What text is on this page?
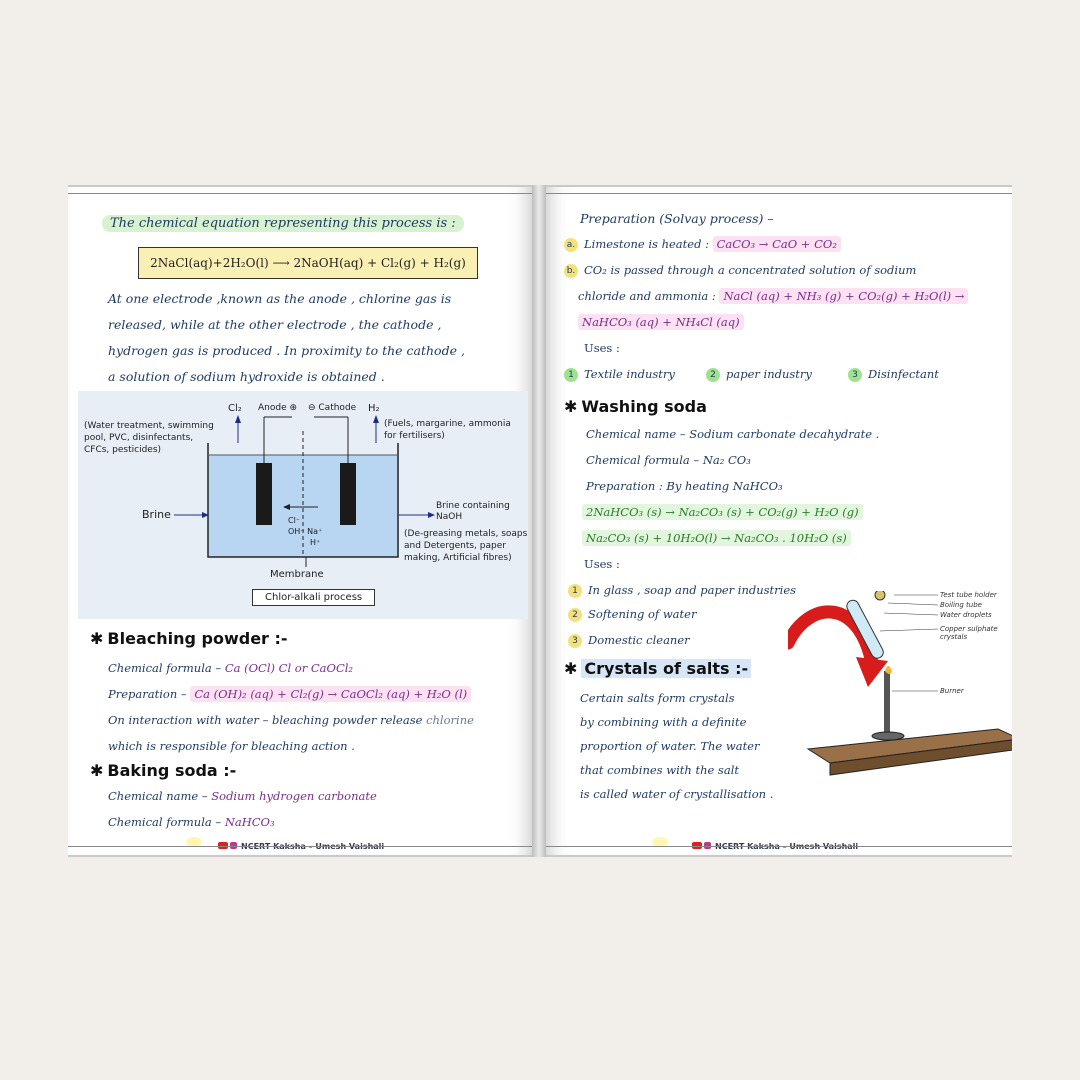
The chemical equation representing this process is :
2NaCl(aq)+2H₂O(l) ⟶ 2NaOH(aq) + Cl₂(g) + H₂(g)
At one electrode ,known as the anode , chlorine gas is
released, while at the other electrode , the cathode ,
hydrogen gas is produced . In proximity to the cathode ,
a solution of sodium hydroxide is obtained .
Cl₂	H₂
Anode ⊕ ⊖ Cathode
(Water treatment, swimming
pool, PVC, disinfectants,
CFCs, pesticides)
(Fuels, margarine, ammonia
for fertilisers)
Brine
Brine containing
NaOH
(De-greasing metals, soaps
and Detergents, paper
making, Artificial fibres)
Cl⁻
OH⁻ Na⁺
H⁺
Membrane
Chlor-alkali process
✱ Bleaching powder :-
Chemical formula – Ca (OCl) Cl or CaOCl₂
Preparation – Ca (OH)₂ (aq) + Cl₂(g) → CaOCl₂ (aq) + H₂O (l)
On interaction with water – bleaching powder release chlorine
which is responsible for bleaching action .
✱ Baking soda :-
Chemical name – Sodium hydrogen carbonate
Chemical formula – NaHCO₃
Preparation (Solvay process) –
a. Limestone is heated : CaCO₃ → CaO + CO₂
b. CO₂ is passed through a concentrated solution of sodium
chloride and ammonia : NaCl (aq) + NH₃ (g) + CO₂(g) + H₂O(l) →
NaHCO₃ (aq) + NH₄Cl (aq)
Uses :
1 Textile industry	2 paper industry	3 Disinfectant
✱ Washing soda
Chemical name – Sodium carbonate decahydrate .
Chemical formula – Na₂ CO₃
Preparation : By heating NaHCO₃
2NaHCO₃ (s) → Na₂CO₃ (s) + CO₂(g) + H₂O (g)
Na₂CO₃ (s) + 10H₂O(l) → Na₂CO₃ . 10H₂O (s)
Uses :
1 In glass , soap and paper industries
2 Softening of water
3 Domestic cleaner
✱ Crystals of salts :-
Certain salts form crystals
by combining with a definite
proportion of water. The water
that combines with the salt
is called water of crystallisation .
Test tube holder
Boiling tube
Water droplets
Copper sulphate crystals
Burner
